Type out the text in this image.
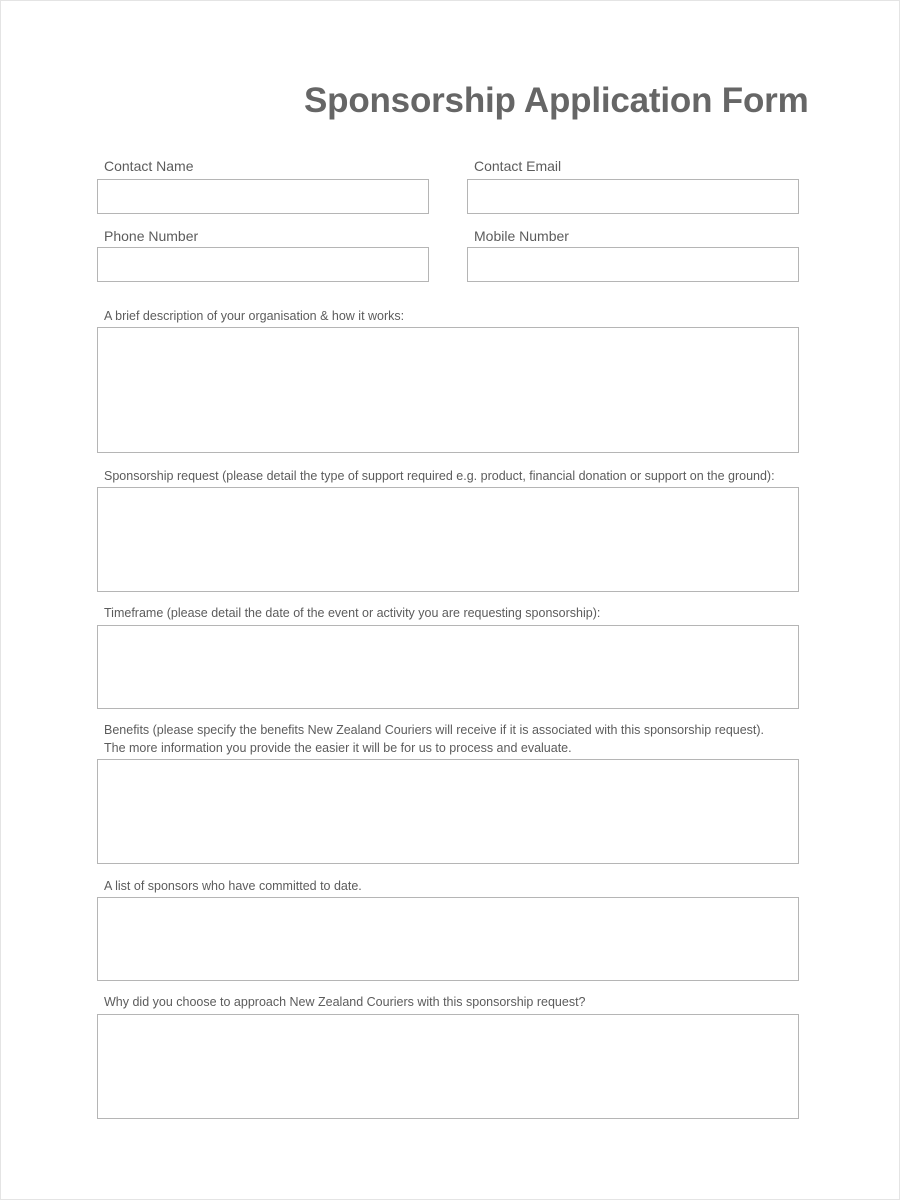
Sponsorship Application Form
Contact Name	Contact Email
Phone Number	Mobile Number
A brief description of your organisation & how it works:
Sponsorship request (please detail the type of support required e.g. product, financial donation or support on the ground):
Timeframe (please detail the date of the event or activity you are requesting sponsorship):
Benefits (please specify the benefits New Zealand Couriers will receive if it is associated with this sponsorship request).
The more information you provide the easier it will be for us to process and evaluate.
A list of sponsors who have committed to date.
Why did you choose to approach New Zealand Couriers with this sponsorship request?
